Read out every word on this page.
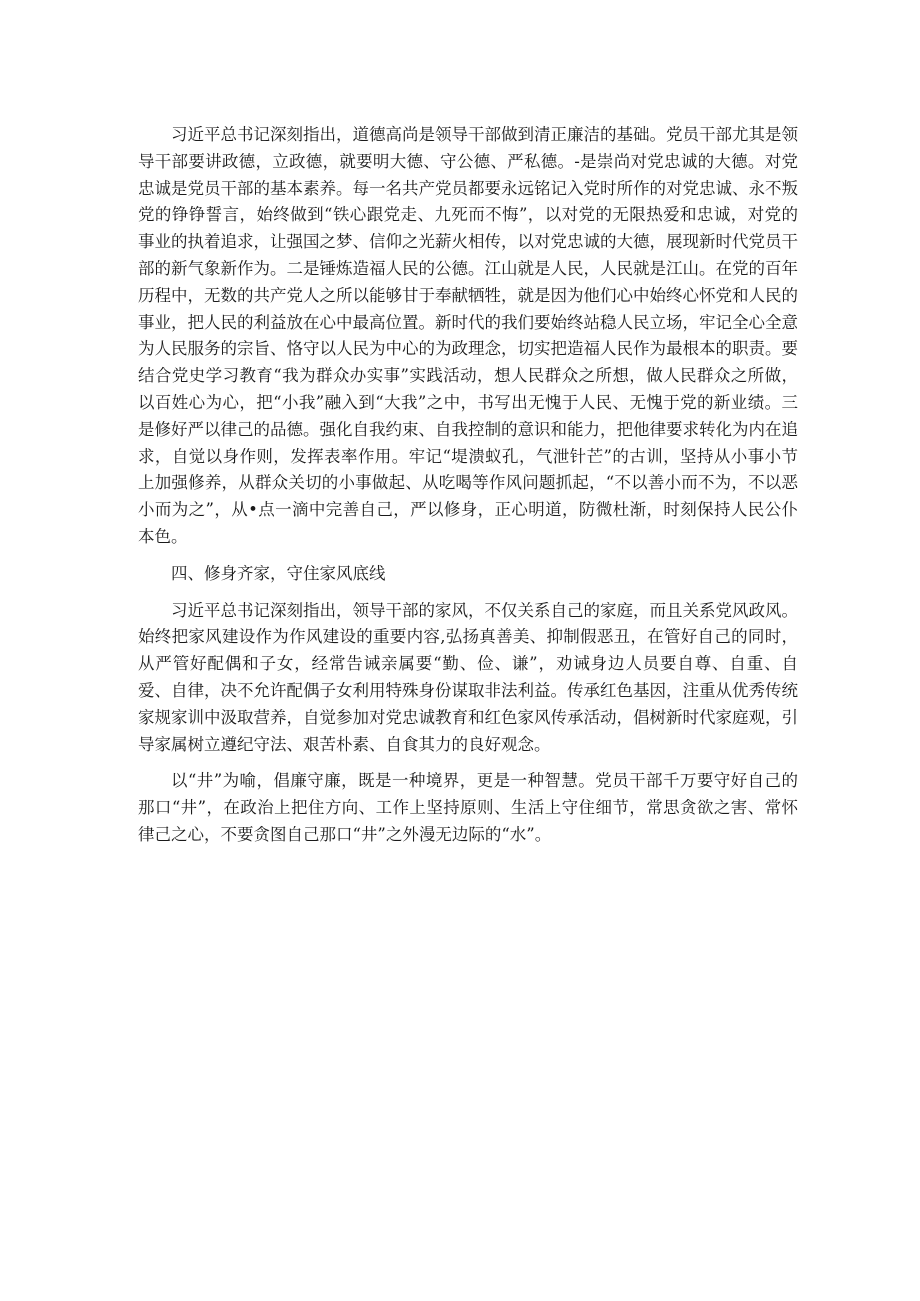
习近平总书记深刻指出，道德高尚是领导干部做到清正廉洁的基础。党员干部尤其是领导干部要讲政德，立政德，就要明大德、守公德、严私德。-是崇尚对党忠诚的大德。对党忠诚是党员干部的基本素养。每一名共产党员都要永远铭记入党时所作的对党忠诚、永不叛党的铮铮誓言，始终做到“铁心跟党走、九死而不悔”，以对党的无限热爱和忠诚，对党的事业的执着追求，让强国之梦、信仰之光薪火相传，以对党忠诚的大德，展现新时代党员干部的新气象新作为。二是锤炼造福人民的公德。江山就是人民，人民就是江山。在党的百年历程中，无数的共产党人之所以能够甘于奉献牺牲，就是因为他们心中始终心怀党和人民的事业，把人民的利益放在心中最高位置。新时代的我们要始终站稳人民立场，牢记全心全意为人民服务的宗旨、恪守以人民为中心的为政理念，切实把造福人民作为最根本的职责。要结合党史学习教育“我为群众办实事”实践活动，想人民群众之所想，做人民群众之所做，以百姓心为心，把“小我”融入到“大我”之中，书写出无愧于人民、无愧于党的新业绩。三是修好严以律己的品德。强化自我约束、自我控制的意识和能力，把他律要求转化为内在追求，自觉以身作则，发挥表率作用。牢记“堤溃蚁孔，气泄针芒”的古训，坚持从小事小节上加强修养，从群众关切的小事做起、从吃喝等作风问题抓起，“不以善小而不为，不以恶小而为之”，从•点一滴中完善自己，严以修身，正心明道，防微杜渐，时刻保持人民公仆本色。

四、修身齐家，守住家风底线

习近平总书记深刻指出，领导干部的家风，不仅关系自己的家庭，而且关系党风政风。始终把家风建设作为作风建设的重要内容,弘扬真善美、抑制假恶丑，在管好自己的同时，从严管好配偶和子女，经常告诫亲属要“勤、俭、谦”，劝诫身边人员要自尊、自重、自爱、自律，决不允许配偶子女利用特殊身份谋取非法利益。传承红色基因，注重从优秀传统家规家训中汲取营养，自觉参加对党忠诚教育和红色家风传承活动，倡树新时代家庭观，引导家属树立遵纪守法、艰苦朴素、自食其力的良好观念。

以“井”为喻，倡廉守廉，既是一种境界，更是一种智慧。党员干部千万要守好自己的那口“井”，在政治上把住方向、工作上坚持原则、生活上守住细节，常思贪欲之害、常怀律己之心，不要贪图自己那口“井”之外漫无边际的“水”。
